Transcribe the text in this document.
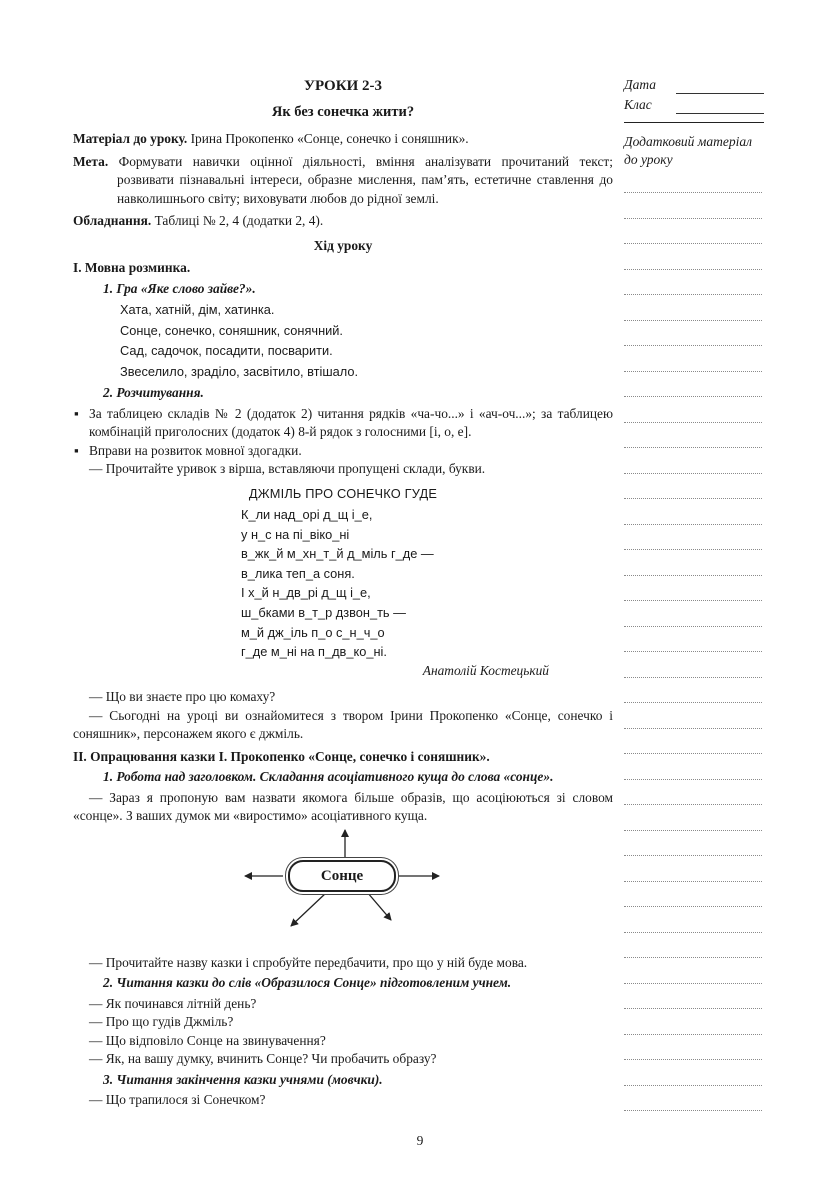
УРОКИ 2-3
Як без сонечка жити?

Матеріал до уроку. Ірина Прокопенко «Сонце, сонечко і соняшник».

Мета. Формувати навички оцінної діяльності, вміння аналізувати прочитаний текст; розвивати пізнавальні інтереси, образне мислення, пам’ять, естетичне ставлення до навколишнього світу; виховувати любов до рідної землі.

Обладнання. Таблиці № 2, 4 (додатки 2, 4).

Хід уроку
І. Мовна розминка.
1. Гра «Яке слово зайве?».
Хата, хатній, дім, хатинка.
Сонце, сонечко, соняшник, сонячний.
Сад, садочок, посадити, посварити.
Звеселило, зраділо, засвітило, втішало.
2. Розчитування.

▪ За таблицею складів № 2 (додаток 2) читання рядків «ча-чо...» і «ач-оч...»; за таблицею комбінацій приголосних (додаток 4) 8-й рядок з голосними [і, о, е].

▪ Вправи на розвиток мовної здогадки.

— Прочитайте уривок з вірша, вставляючи пропущені склади, букви.

ДЖМІЛЬ ПРО СОНЕЧКО ГУДЕ
К_ли над_орі д_щ і_е,
у н_с на пі_віко_ні
в_жк_й м_хн_т_й д_міль г_де —
в_лика теп_а соня.
І х_й н_дв_рі д_щ і_е,
ш_бками в_т_р дзвон_ть —
м_й дж_іль п_о с_н_ч_о
г_де м_ні на п_дв_ко_ні.
Анатолій Костецький

— Що ви знаєте про цю комаху?

— Сьогодні на уроці ви ознайомитеся з твором Ірини Прокопенко «Сонце, сонечко і соняшник», персонажем якого є джміль.

ІІ. Опрацювання казки І. Прокопенко «Сонце, сонечко і соняшник».
1. Робота над заголовком. Складання асоціативного куща до слова «сонце».

— Зараз я пропоную вам назвати якомога більше образів, що асоціюються зі словом «сонце». З ваших думок ми «виростимо» асоціативного куща.

Сонце

— Прочитайте назву казки і спробуйте передбачити, про що у ній буде мова.

2. Читання казки до слів «Образилося Сонце» підготовленим учнем.

— Як починався літній день?

— Про що гудів Джміль?

— Що відповіло Сонце на звинувачення?

— Як, на вашу думку, вчинить Сонце? Чи пробачить образу?

3. Читання закінчення казки учнями (мовчки).

— Що трапилося зі Сонечком?

Дата
Клас
Додатковий матеріал до уроку
9
